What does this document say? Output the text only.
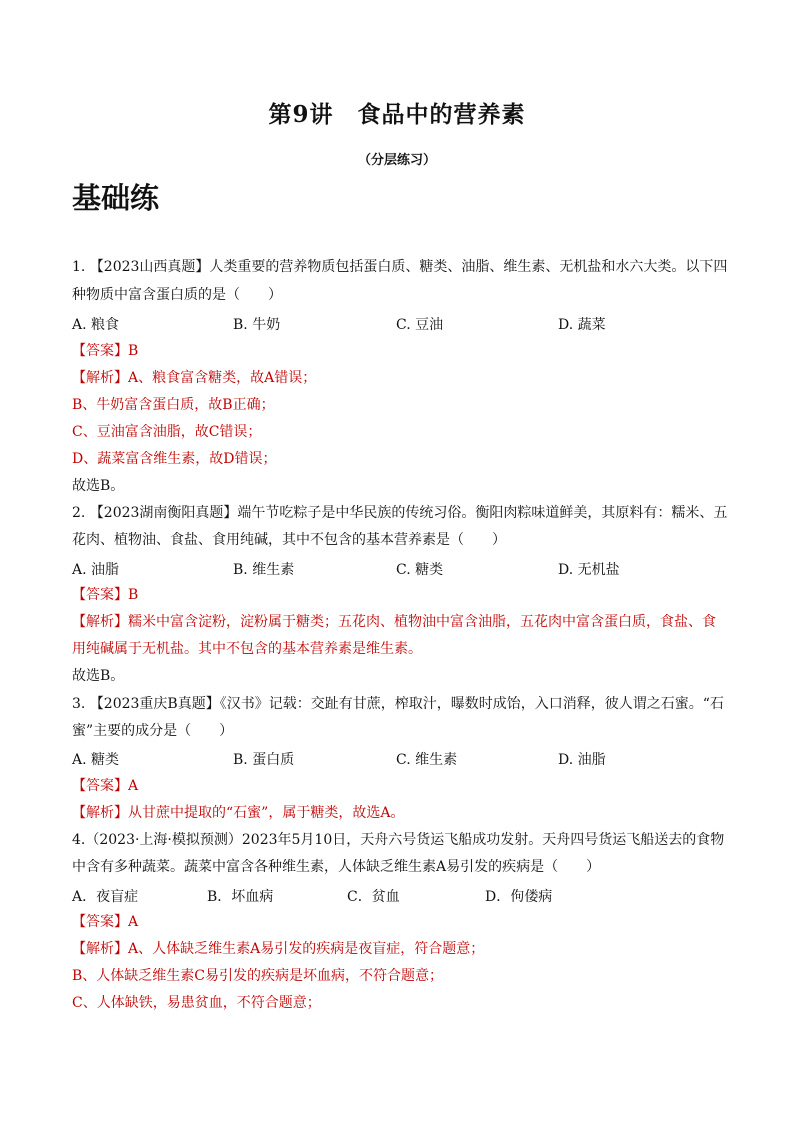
第9讲　食品中的营养素
（分层练习）
基础练
1. 【2023山西真题】人类重要的营养物质包括蛋白质、糖类、油脂、维生素、无机盐和水六大类。以下四
种物质中富含蛋白质的是（　　）
A. 粮食	B. 牛奶	C. 豆油	D. 蔬菜
【答案】B
【解析】A、粮食富含糖类，故A错误；
B、牛奶富含蛋白质，故B正确；
C、豆油富含油脂，故C错误；
D、蔬菜富含维生素，故D错误；
故选B。
2. 【2023湖南衡阳真题】端午节吃粽子是中华民族的传统习俗。衡阳肉粽味道鲜美，其原料有：糯米、五
花肉、植物油、食盐、食用纯碱，其中不包含的基本营养素是（　　）
A. 油脂	B. 维生素	C. 糖类	D. 无机盐
【答案】B
【解析】糯米中富含淀粉，淀粉属于糖类；五花肉、植物油中富含油脂，五花肉中富含蛋白质，食盐、食
用纯碱属于无机盐。其中不包含的基本营养素是维生素。
故选B。
3. 【2023重庆B真题】《汉书》记载：交趾有甘蔗，榨取汁，曝数时成饴，入口消释，彼人谓之石蜜。“石
蜜”主要的成分是（　　）
A. 糖类	B. 蛋白质	C. 维生素	D. 油脂
【答案】A
【解析】从甘蔗中提取的“石蜜”，属于糖类，故选A。
4.（2023·上海·模拟预测）2023年5月10日，天舟六号货运飞船成功发射。天舟四号货运飞船送去的食物
中含有多种蔬菜。蔬菜中富含各种维生素，人体缺乏维生素A易引发的疾病是（　　）
A．夜盲症	B．坏血病	C．贫血	D．佝偻病
【答案】A
【解析】A、人体缺乏维生素A易引发的疾病是夜盲症，符合题意；
B、人体缺乏维生素C易引发的疾病是坏血病，不符合题意；
C、人体缺铁，易患贫血，不符合题意；
